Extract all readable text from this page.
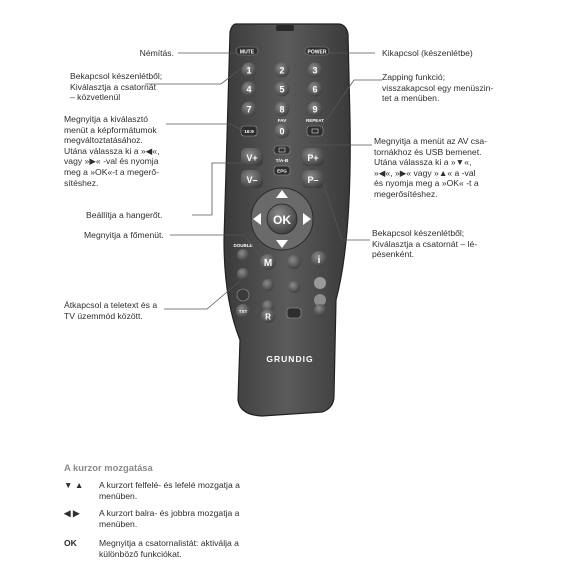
MUTE	POWER
1	2	3
4	5	6
7	8	9
0
FAV	REPEAT
16:9
V+
V–
P+
P–
T/A-B
EPG
OK
DOUBLE
M	i
R
TXT
GRUNDIG
Némítás.
Bekapcsol készenlétből;
Kiválasztja a csatornát
– közvetlenül
Megnyitja a kiválasztó
menüt a képformátumok
megváltoztatásához.
Utána válassza ki a »◀«,
vagy »▶« -val és nyomja
meg a »OK«-t a megerő-
sítéshez.
Beállítja a hangerőt.
Megnyitja a főmenüt.
Átkapcsol a teletext és a
TV üzemmód között.
Kikapcsol (készenlétbe)
Zapping funkció;
visszakapcsol egy menüszin-
tet a menüben.
Megnyitja a menüt az AV csa-
tornákhoz és USB bemenet.
Utána válassza ki a »▼«,
»◀«, »▶« vagy »▲« a -val
és nyomja meg a »OK« -t a
megerősítéshez.
Bekapcsol készenlétből;
Kiválasztja a csatornát – lé-
pésenként.
A kurzor mozgatása
▼ ▲	A kurzort felfelé- és lefelé mozgatja a
menüben.
◀ ▶	A kurzort balra- és jobbra mozgatja a
menüben.
OK	Megnyitja a csatornalistát: aktiválja a
különböző funkciókat.
